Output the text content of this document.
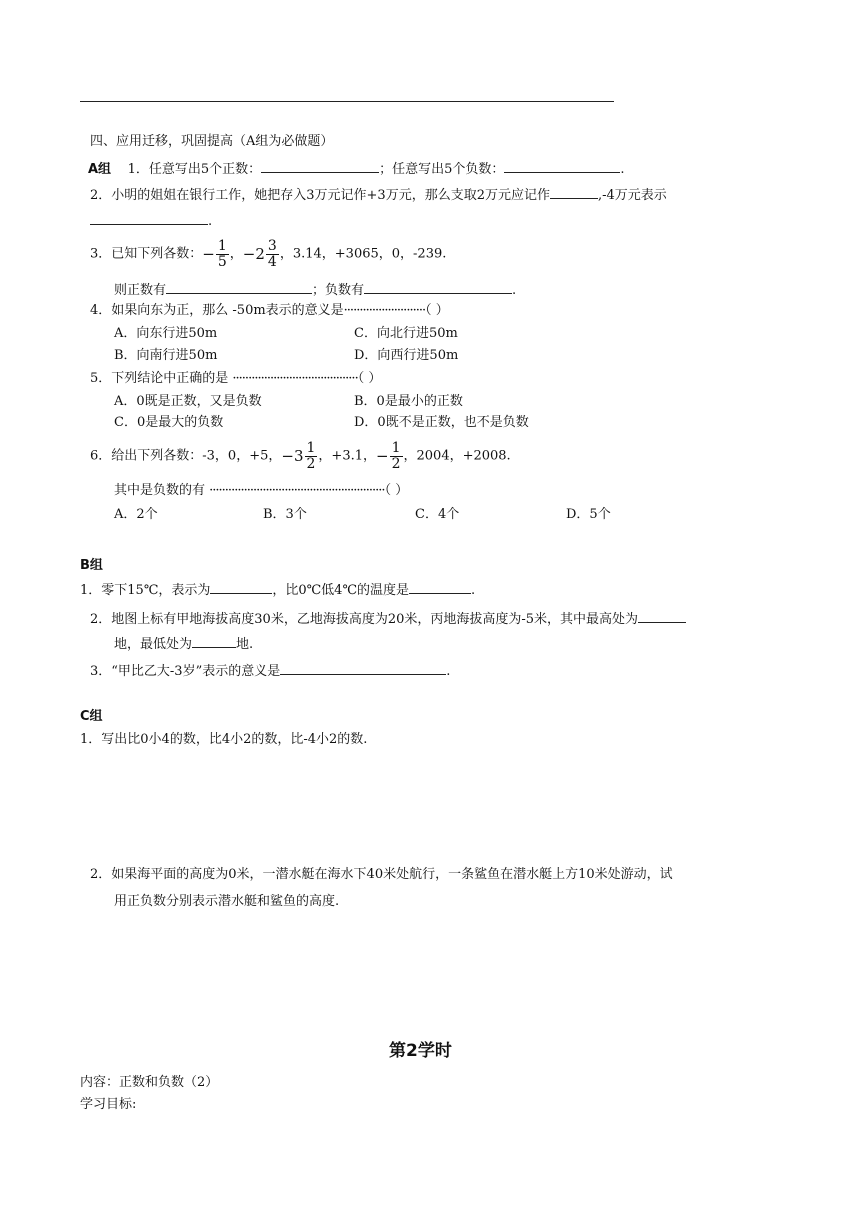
四、应用迁移，巩固提高（A组为必做题）
A组 1．任意写出5个正数：	；任意写出5个负数：	.
2．小明的姐姐在银行工作，她把存入3万元记作+3万元，那么支取2万元应记作	,-4万元表示
.
3．已知下列各数：− $\frac{1}{5}$ ，$-2 \frac{3}{4}$ ，3.14，+3065，0，-239.
则正数有	；负数有	.
4．如果向东为正，那么 -50m表示的意义是··························（ ）
A．向东行进50m	C．向北行进50m
B．向南行进50m	D．向西行进50m
5．下列结论中正确的是 ········································（ ）
A．0既是正数，又是负数	B．0是最小的正数
C．0是最大的负数	D．0既不是正数，也不是负数
6．给出下列各数：-3，0，+5，$-3 \frac{1}{2}$ ，+3.1，− $\frac{1}{2}$ ，2004，+2008.
其中是负数的有 ························································（ ）
A．2个	B．3个	C．4个	D．5个
B组
1．零下15℃，表示为	，比0℃低4℃的温度是	.
2．地图上标有甲地海拔高度30米，乙地海拔高度为20米，丙地海拔高度为-5米，其中最高处为
地，最低处为	地.
3．“甲比乙大-3岁”表示的意义是	.
C组
1．写出比0小4的数，比4小2的数，比-4小2的数.
2．如果海平面的高度为0米，一潜水艇在海水下40米处航行，一条鲨鱼在潜水艇上方10米处游动，试
用正负数分别表示潜水艇和鲨鱼的高度.
第2学时
内容：正数和负数（2）
学习目标:
